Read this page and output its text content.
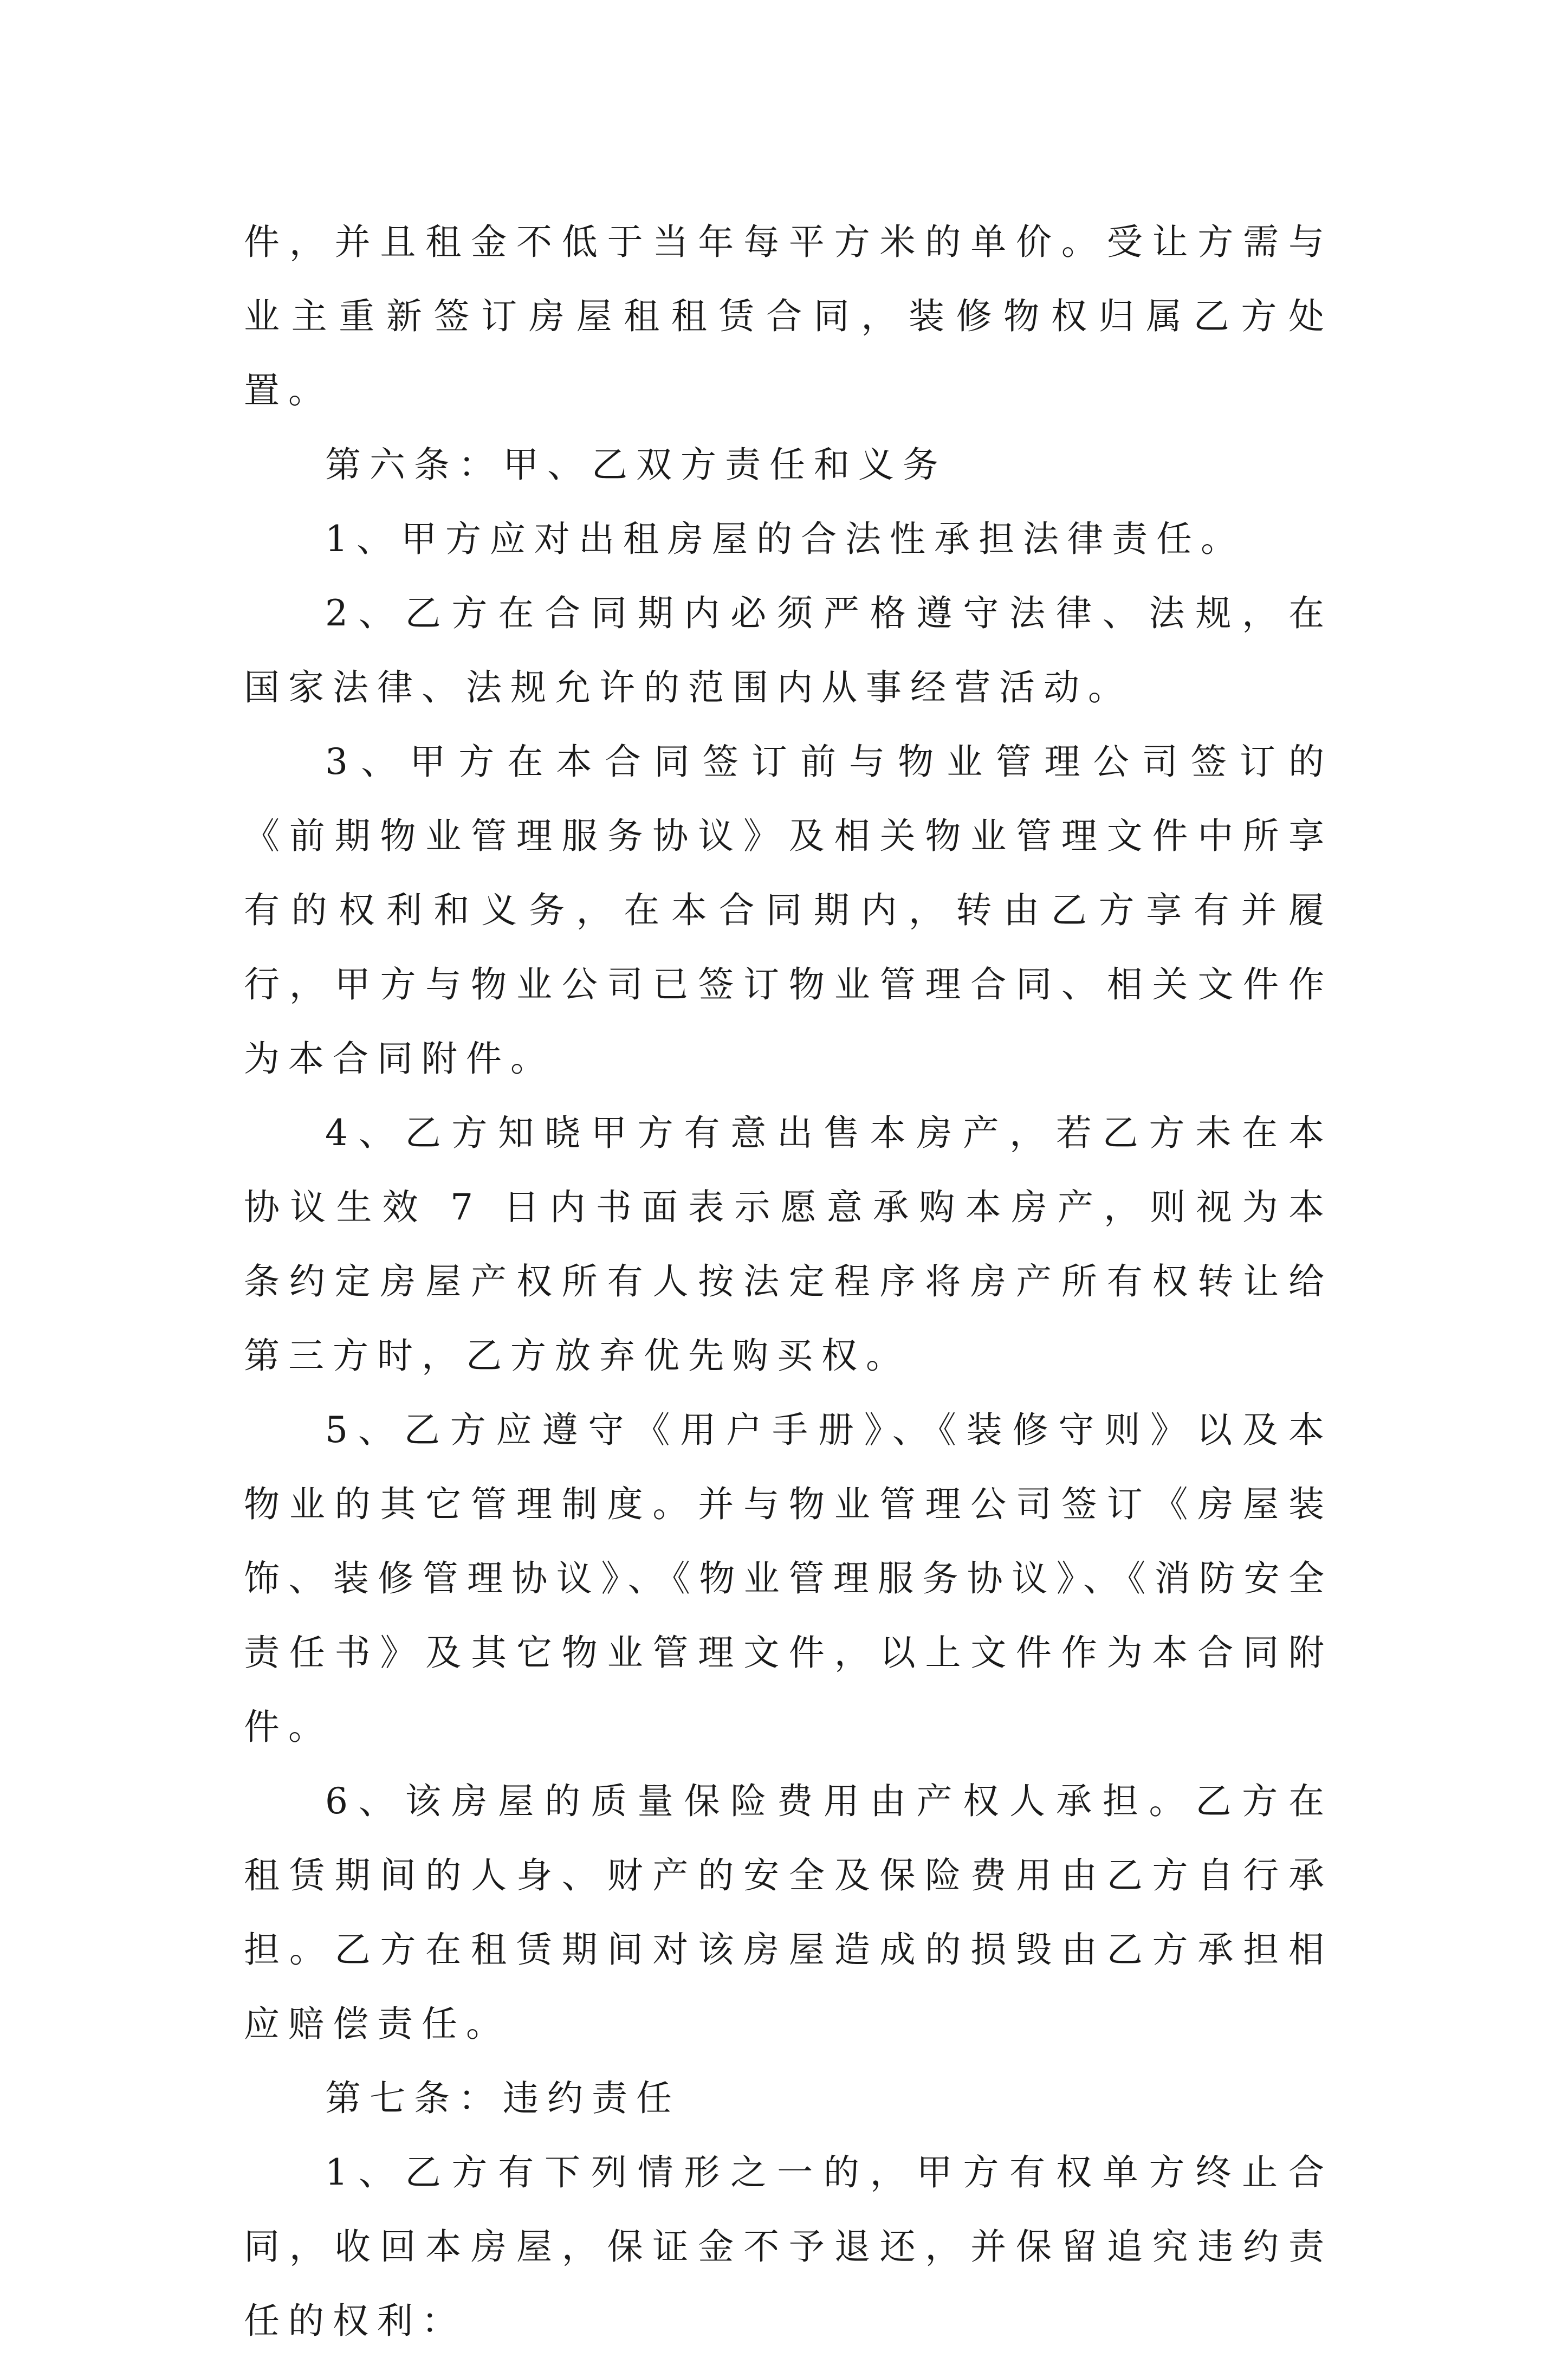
件，并且租金不低于当年每平方米的单价。受让方需与业主重新签订房屋租租赁合同，装修物权归属乙方处置。

第六条：甲、乙双方责任和义务

1、甲方应对出租房屋的合法性承担法律责任。

2、乙方在合同期内必须严格遵守法律、法规，在国家法律、法规允许的范围内从事经营活动。

3、甲方在本合同签订前与物业管理公司签订的《前期物业管理服务协议》及相关物业管理文件中所享有的权利和义务，在本合同期内，转由乙方享有并履行，甲方与物业公司已签订物业管理合同、相关文件作为本合同附件。

4、乙方知晓甲方有意出售本房产，若乙方未在本协议生效 7 日内书面表示愿意承购本房产，则视为本条约定房屋产权所有人按法定程序将房产所有权转让给第三方时，乙方放弃优先购买权。

5、乙方应遵守《用户手册》、《装修守则》以及本物业的其它管理制度。并与物业管理公司签订《房屋装饰、装修管理协议》、《物业管理服务协议》、《消防安全责任书》及其它物业管理文件，以上文件作为本合同附件。

6、该房屋的质量保险费用由产权人承担。乙方在租赁期间的人身、财产的安全及保险费用由乙方自行承担。乙方在租赁期间对该房屋造成的损毁由乙方承担相应赔偿责任。

第七条：违约责任

1、乙方有下列情形之一的，甲方有权单方终止合同，收回本房屋，保证金不予退还，并保留追究违约责任的权利：
